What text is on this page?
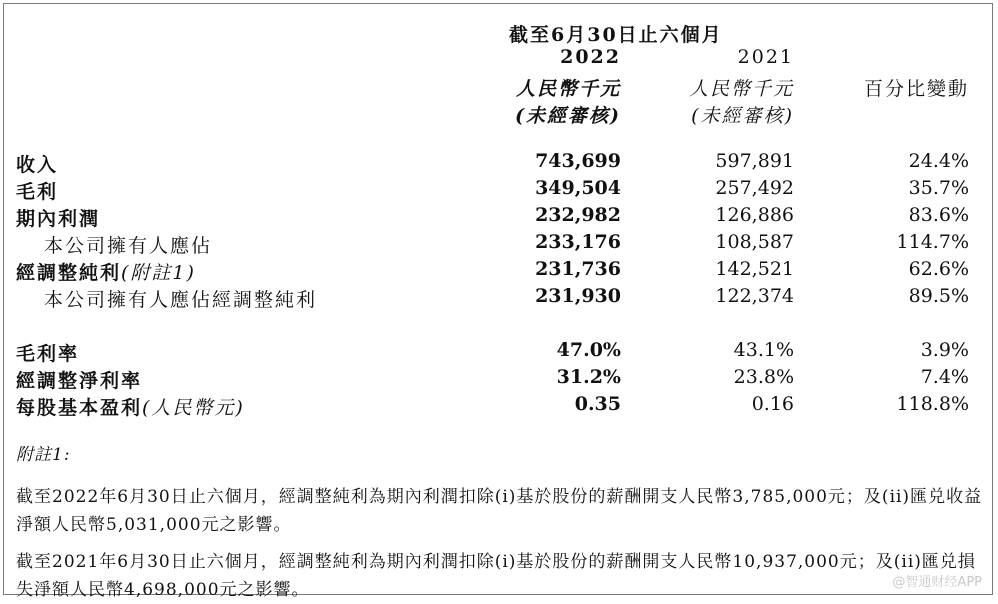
截至6月30日止六個月
2022	2021
人民幣千元	人民幣千元	百分比變動
(未經審核)	(未經審核)
收入	743,699	597,891	24.4%
毛利	349,504	257,492	35.7%
期內利潤	232,982	126,886	83.6%
本公司擁有人應佔	233,176	108,587	114.7%
經調整純利(附註1)	231,736	142,521	62.6%
本公司擁有人應佔經調整純利	231,930	122,374	89.5%
毛利率	47.0%	43.1%	3.9%
經調整淨利率	31.2%	23.8%	7.4%
每股基本盈利(人民幣元)	0.35	0.16	118.8%
附註1:
截至2022年6月30日止六個月，經調整純利為期內利潤扣除(i)基於股份的薪酬開支人民幣3,785,000元；及(ii)匯兑收益淨額人民幣5,031,000元之影響。
截至2021年6月30日止六個月，經調整純利為期內利潤扣除(i)基於股份的薪酬開支人民幣10,937,000元；及(ii)匯兑損失淨額人民幣4,698,000元之影響。	@智通财经APP
